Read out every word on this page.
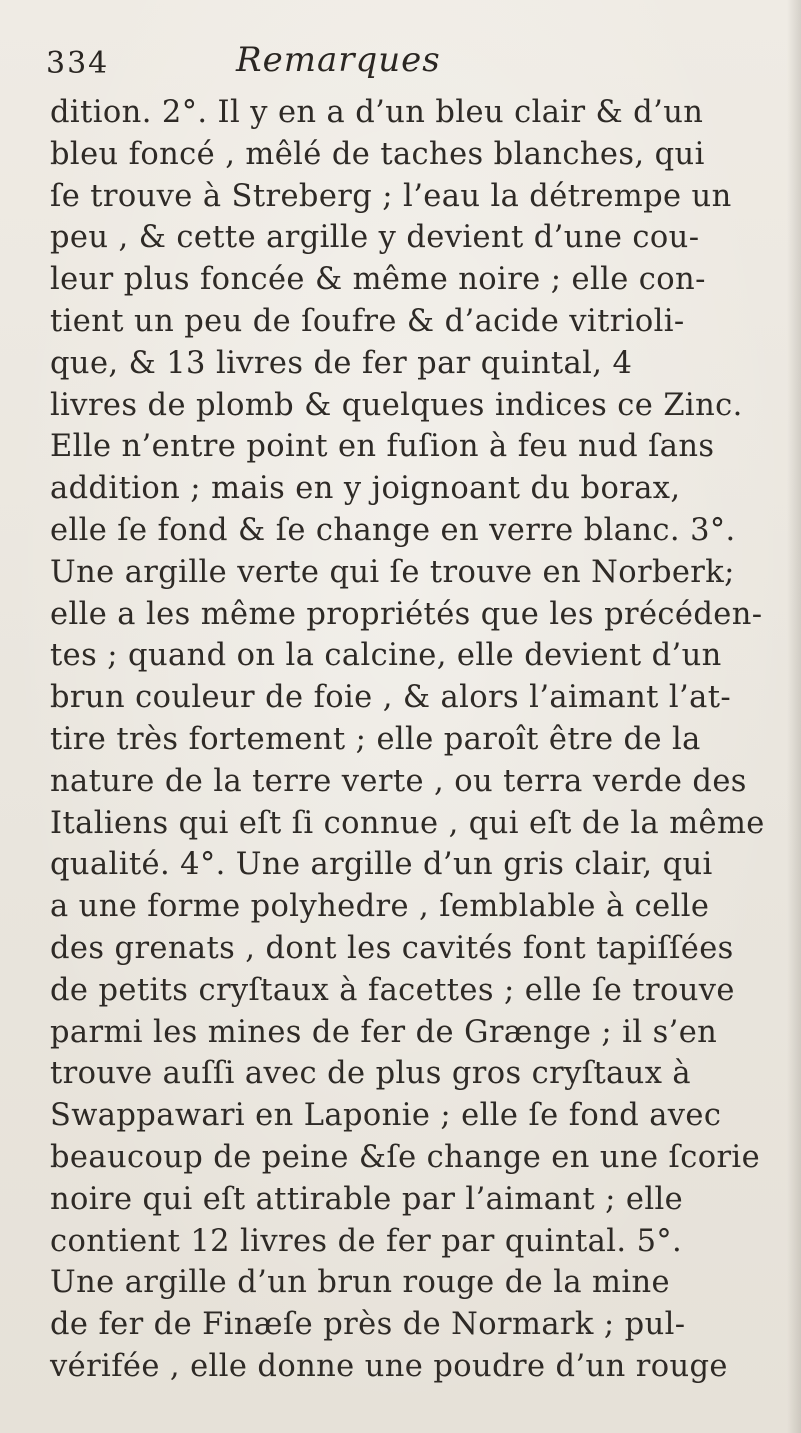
334	Remarques
dition. 2°. Il y en a d’un bleu clair & d’un
bleu foncé , mêlé de taches blanches, qui
ſe trouve à Streberg ; l’eau la détrempe un
peu , & cette argille y devient d’une cou-
leur plus foncée & même noire ; elle con-
tient un peu de ſoufre & d’acide vitrioli-
que, & 13 livres de fer par quintal, 4
livres de plomb & quelques indices ce Zinc.
Elle n’entre point en fuſion à feu nud ſans
addition ; mais en y joignoant du borax,
elle ſe fond & ſe change en verre blanc. 3°.
Une argille verte qui ſe trouve en Norberk;
elle a les même propriétés que les précéden-
tes ; quand on la calcine, elle devient d’un
brun couleur de foie , & alors l’aimant l’at-
tire très fortement ; elle paroît être de la
nature de la terre verte , ou terra verde des
Italiens qui eſt ſi connue , qui eſt de la même
qualité. 4°. Une argille d’un gris clair, qui
a une forme polyhedre , ſemblable à celle
des grenats , dont les cavités font tapiſſées
de petits cryſtaux à facettes ; elle ſe trouve
parmi les mines de fer de Grænge ; il s’en
trouve auſſi avec de plus gros cryſtaux à
Swappawari en Laponie ; elle ſe fond avec
beaucoup de peine &ſe change en une ſcorie
noire qui eſt attirable par l’aimant ; elle
contient 12 livres de fer par quintal. 5°.
Une argille d’un brun rouge de la mine
de fer de Finæſe près de Normark ; pul-
vérifée , elle donne une poudre d’un rouge
